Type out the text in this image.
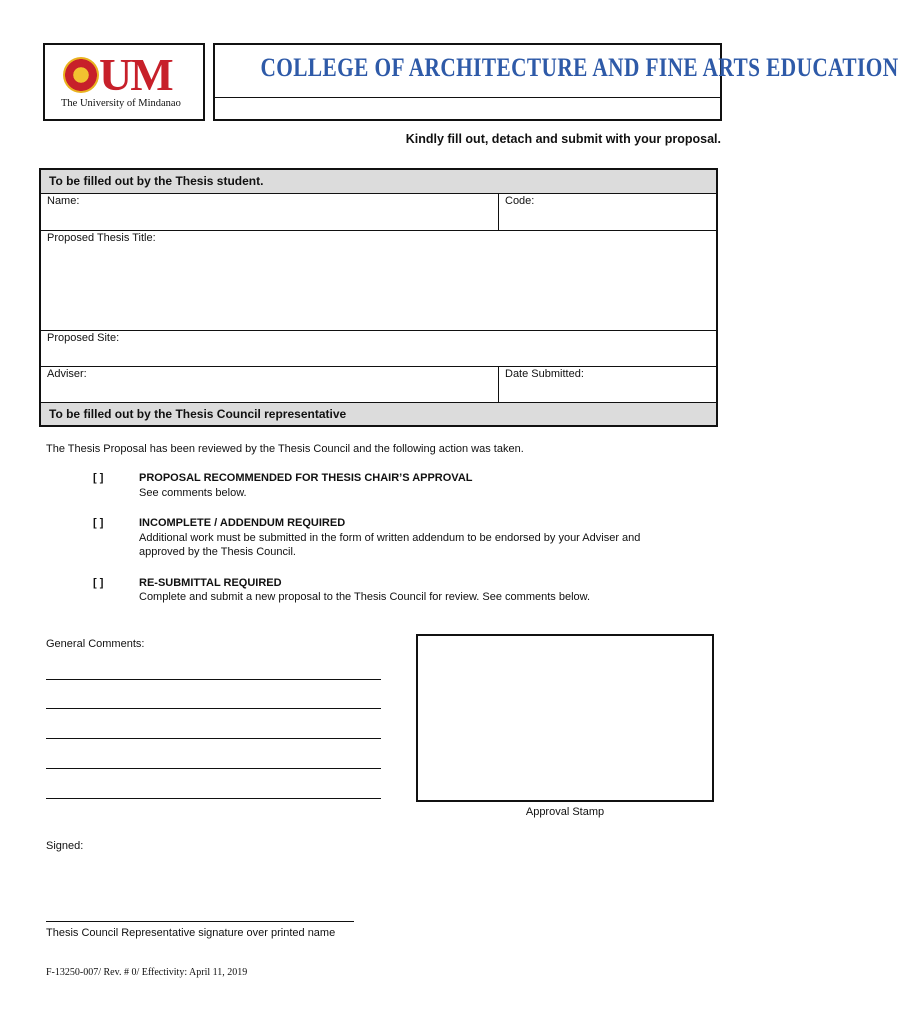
UM
The University of Mindanao
COLLEGE OF ARCHITECTURE AND FINE ARTS EDUCATION
Kindly fill out, detach and submit with your proposal.
To be filled out by the Thesis student.
Name:	Code:
Proposed Thesis Title:
Proposed Site:
Adviser:	Date Submitted:
To be filled out by the Thesis Council representative
The Thesis Proposal has been reviewed by the Thesis Council and the following action was taken.
[ ]	PROPOSAL RECOMMENDED FOR THESIS CHAIR’S APPROVAL
See comments below.
[ ]	INCOMPLETE / ADDENDUM REQUIRED
Additional work must be submitted in the form of written addendum to be endorsed by your Adviser and
approved by the Thesis Council.
[ ]	RE-SUBMITTAL REQUIRED
Complete and submit a new proposal to the Thesis Council for review. See comments below.
General Comments:
Approval Stamp
Signed:
Thesis Council Representative signature over printed name
F-13250-007/ Rev. # 0/ Effectivity: April 11, 2019
